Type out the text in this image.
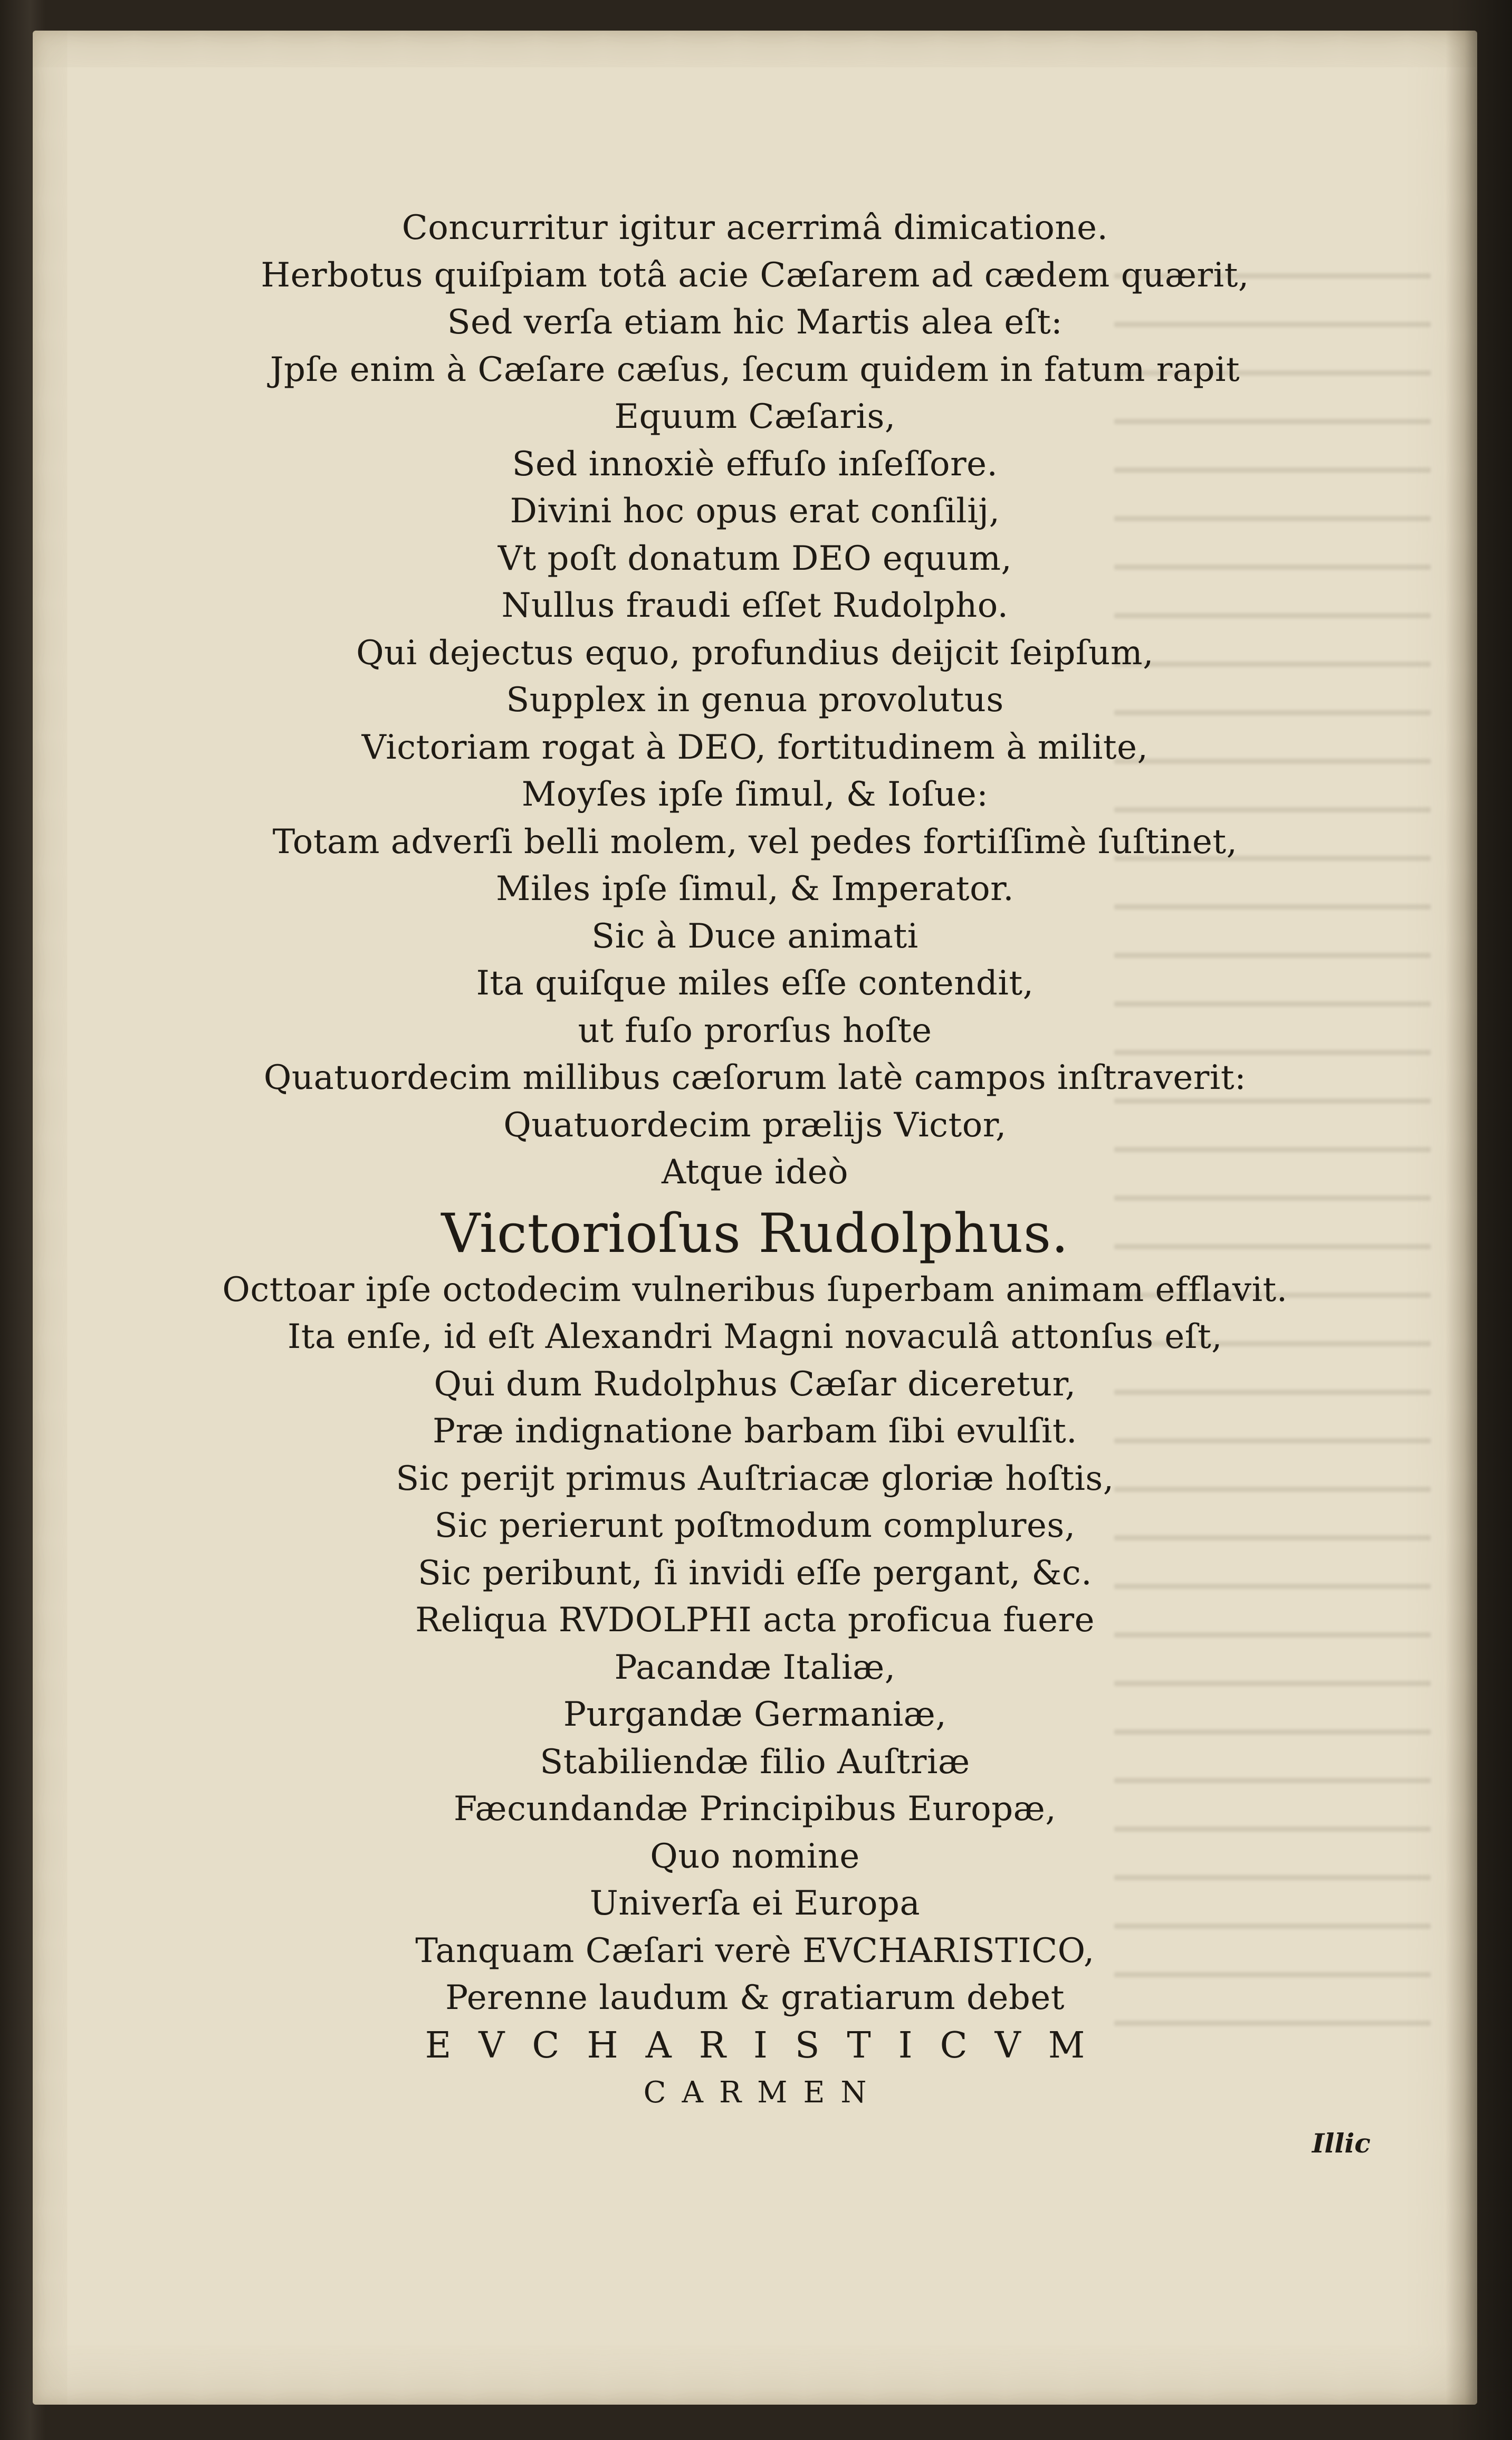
Concurritur igitur acerrimâ dimicatione.
Herbotus quiſpiam totâ acie Cæſarem ad cædem quærit,
Sed verſa etiam hic Martis alea eſt:
Jpſe enim à Cæſare cæſus, ſecum quidem in fatum rapit
Equum Cæſaris,
Sed innoxiè effuſo inſeſſore.
Divini hoc opus erat conſilij,
Vt poſt donatum DEO equum,
Nullus fraudi eſſet Rudolpho.
Qui dejectus equo, profundius deijcit ſeipſum,
Supplex in genua provolutus
Victoriam rogat à DEO, fortitudinem à milite,
Moyſes ipſe ſimul, & Ioſue:
Totam adverſi belli molem, vel pedes fortiſſimè ſuſtinet,
Miles ipſe ſimul, & Imperator.
Sic à Duce animati
Ita quiſque miles eſſe contendit,
ut fuſo prorſus hoſte
Quatuordecim millibus cæſorum latè campos inſtraverit:
Quatuordecim prælijs Victor,
Atque ideò
Victorioſus Rudolphus.
Octtoar ipſe octodecim vulneribus ſuperbam animam efflavit.
Ita enſe, id eſt Alexandri Magni novaculâ attonſus eſt,
Qui dum Rudolphus Cæſar diceretur,
Præ indignatione barbam ſibi evulſit.
Sic perijt primus Auſtriacæ gloriæ hoſtis,
Sic perierunt poſtmodum complures,
Sic peribunt, ſi invidi eſſe pergant, &c.
Reliqua RVDOLPHI acta proficua fuere
Pacandæ Italiæ,
Purgandæ Germaniæ,
Stabiliendæ filio Auſtriæ
Fæcundandæ Principibus Europæ,
Quo nomine
Univerſa ei Europa
Tanquam Cæſari verè EVCHARISTICO,
Perenne laudum & gratiarum debet
EVCHARISTICVM
CARMEN
Illic
